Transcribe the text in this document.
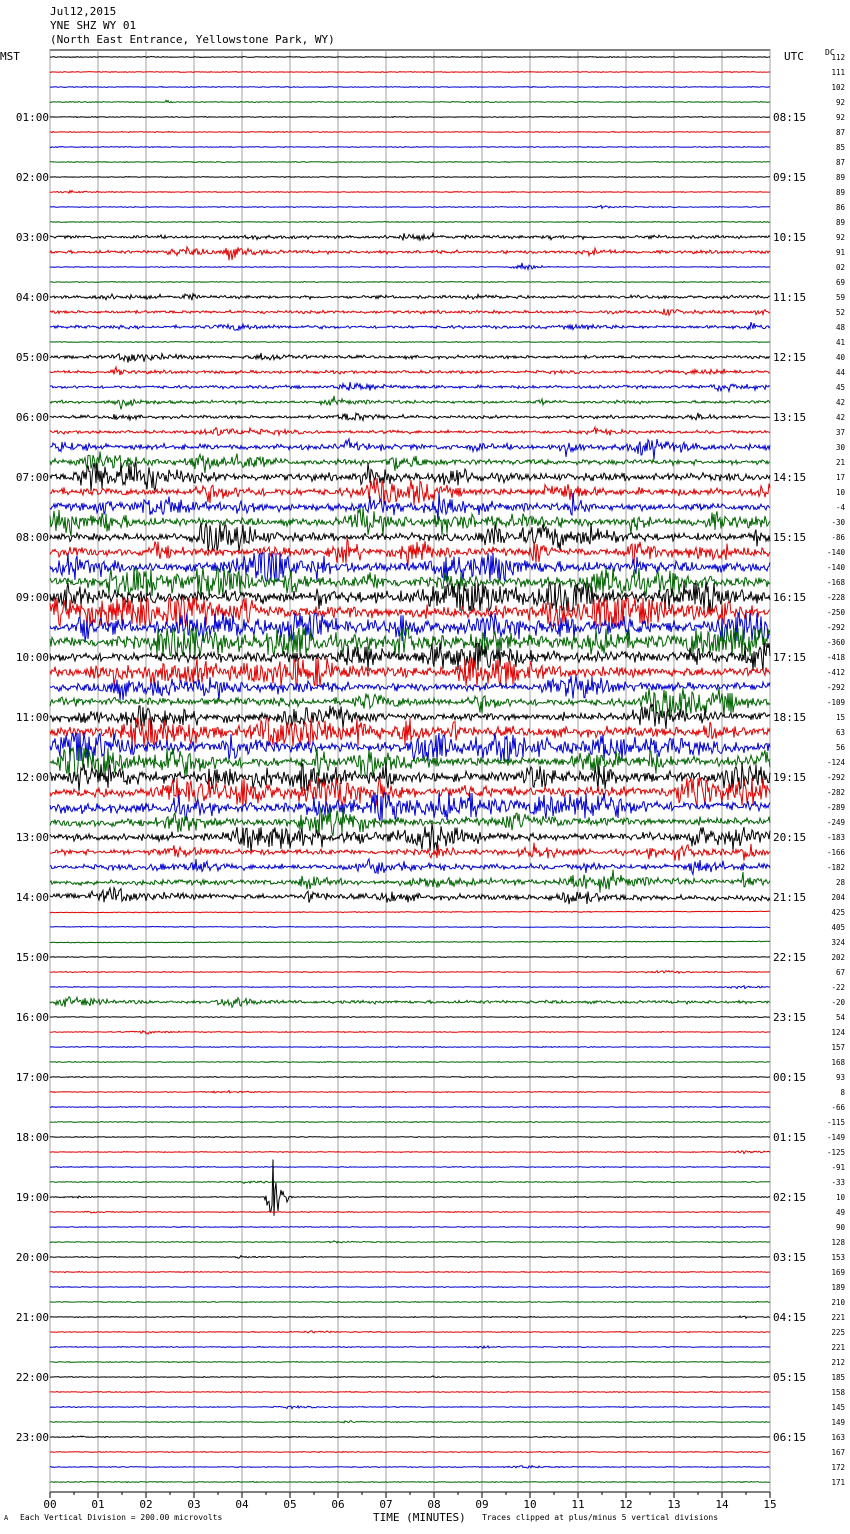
Jul12,2015
YNE SHZ WY 01
(North East Entrance, Yellowstone Park, WY)
MST	UTC	DC
00	01	02	03	04	05	06	07	08	09	10	11	12	13	14	15
112
111
102
92
92
87
85
87
89
89
86
89
92
91
02
69
59
52
48
41
40
44
45
42
42
37
30
21
17
10
-4
-30
-86
-140
-140
-168
-228
-250
-292
-360
-418
-412
-292
-109
15
63
56
-124
-292
-282
-289
-249
-183
-166
-182
28
204
425
405
324
202
67
-22
-20
54
124
157
168
93
8
-66
-115
-149
-125
-91
-33
10
49
90
128
153
169
189
210
221
225
221
212
185
158
145
149
163
167
172
171
01:00	08:15
02:00	09:15
03:00	10:15
04:00	11:15
05:00	12:15
06:00	13:15
07:00	14:15
08:00	15:15
09:00	16:15
10:00	17:15
11:00	18:15
12:00	19:15
13:00	20:15
14:00	21:15
15:00	22:15
16:00	23:15
17:00	00:15
18:00	01:15
19:00	02:15
20:00	03:15
21:00	04:15
22:00	05:15
23:00	06:15
A Each Vertical Division = 200.00 microvolts	TIME (MINUTES) Traces clipped at plus/minus 5 vertical divisions
